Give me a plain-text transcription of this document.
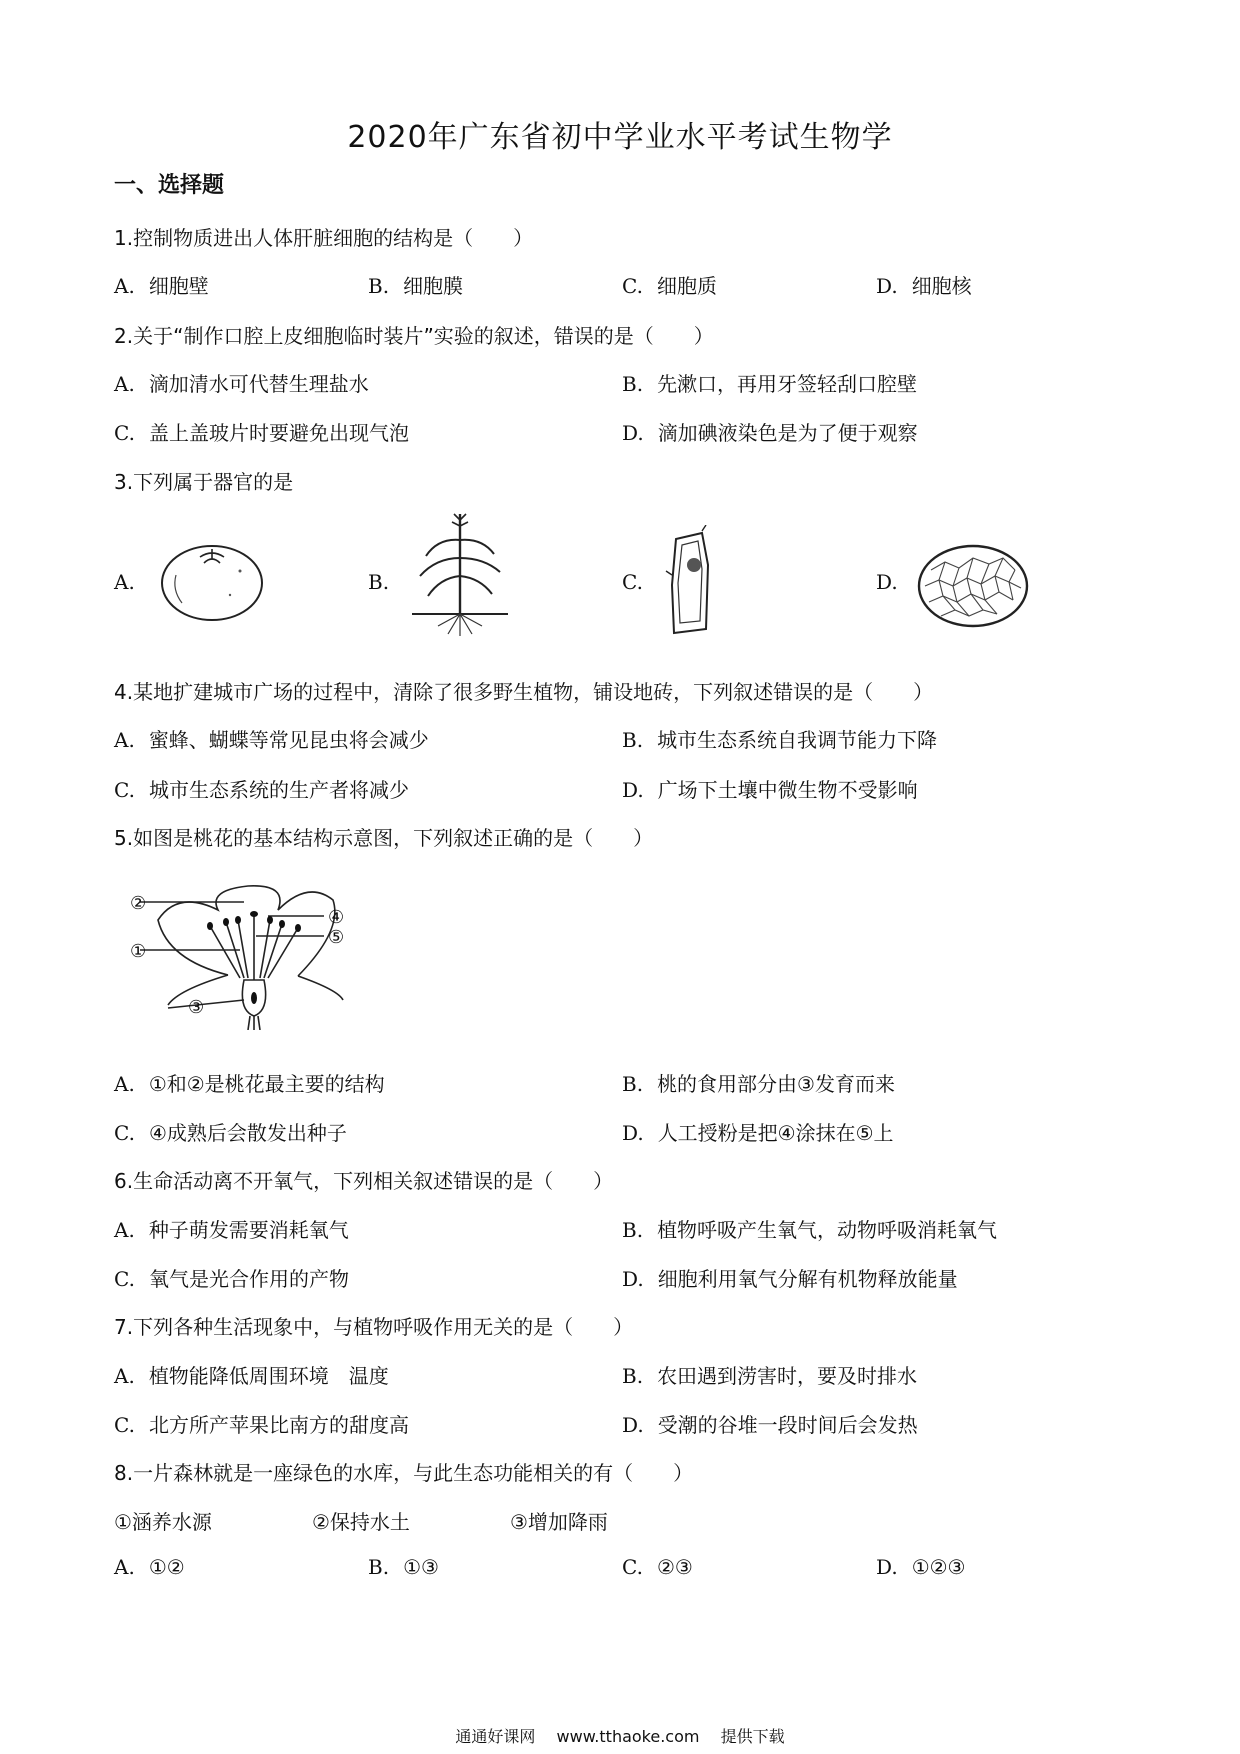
2020年广东省初中学业水平考试生物学
一、选择题
1.控制物质进出人体肝脏细胞的结构是（　　）
A. 细胞壁	B. 细胞膜	C. 细胞质	D. 细胞核
2.关于“制作口腔上皮细胞临时装片”实验的叙述，错误的是（　　）
A. 滴加清水可代替生理盐水	B. 先漱口，再用牙签轻刮口腔壁
C. 盖上盖玻片时要避免出现气泡	D. 滴加碘液染色是为了便于观察
3.下列属于器官的是
A.	B.	C.	D.
4.某地扩建城市广场的过程中，清除了很多野生植物，铺设地砖，下列叙述错误的是（　　）
A. 蜜蜂、蝴蝶等常见昆虫将会减少	B. 城市生态系统自我调节能力下降
C. 城市生态系统的生产者将减少	D. 广场下土壤中微生物不受影响
5.如图是桃花的基本结构示意图，下列叙述正确的是（　　）
②
④
⑤
①
③
A. ①和②是桃花最主要的结构	B. 桃的食用部分由③发育而来
C. ④成熟后会散发出种子	D. 人工授粉是把④涂抹在⑤上
6.生命活动离不开氧气，下列相关叙述错误的是（　　）
A. 种子萌发需要消耗氧气	B. 植物呼吸产生氧气，动物呼吸消耗氧气
C. 氧气是光合作用的产物	D. 细胞利用氧气分解有机物释放能量
7.下列各种生活现象中，与植物呼吸作用无关的是（　　）
A. 植物能降低周围环境　温度	B. 农田遇到涝害时，要及时排水
C. 北方所产苹果比南方的甜度高	D. 受潮的谷堆一段时间后会发热
8.一片森林就是一座绿色的水库，与此生态功能相关的有（　　）
①涵养水源	②保持水土	③增加降雨
A. ①②	B. ①③	C. ②③	D. ①②③
通通好课网 www.tthaoke.com 提供下载
